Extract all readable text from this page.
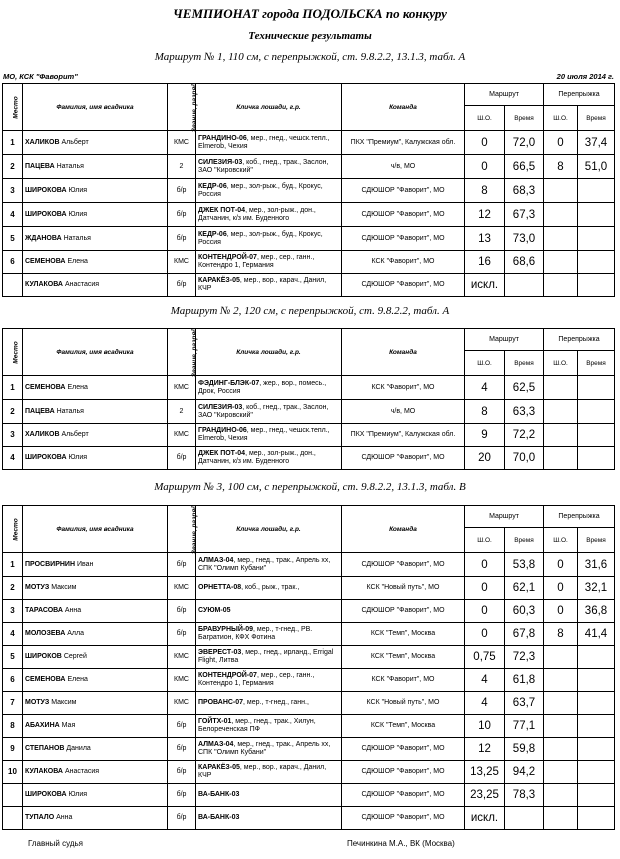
ЧЕМПИОНАТ города ПОДОЛЬСКА по конкуру
Технические результаты
Маршрут № 1, 110 см, с перепрыжкой, ст. 9.8.2.2, 13.1.3, табл. А
МО, КСК "Фаворит"	20 июля 2014 г.
Место	Фамилия, имя всадника	Звание, разряд	Кличка лошади, г.р.	Команда	Маршрут		Перепрыжка	
					Ш.О.	Время	Ш.О.	Время
1	ХАЛИКОВ Альберт	КМС	ГРАНДИНО-06, мер., гнед., чешск.тепл., Elmerob, Чехия	ПКХ "Премиум", Калужская обл.	0	72,0	0	37,4
2	ПАЦЕВА Наталья	2	СИЛЕЗИЯ-03, коб., гнед., трак., Заслон, ЗАО "Кировский"	ч/в, МО	0	66,5	8	51,0
3	ШИРОКОВА Юлия	б/р	КЕДР-06, мер., зол-рыж., буд., Крокус, Россия	СДЮШОР "Фаворит", МО	8	68,3		
4	ШИРОКОВА Юлия	б/р	ДЖЕК ПОТ-04, мер., зол-рыж., дон., Датчанин, к/з им. Буденного	СДЮШОР "Фаворит", МО	12	67,3		
5	ЖДАНОВА Наталья	б/р	КЕДР-06, мер., зол-рыж., буд., Крокус, Россия	СДЮШОР "Фаворит", МО	13	73,0		
6	СЕМЕНОВА Елена	КМС	КОНТЕНДРОЙ-07, мер., сер., ганн., Контендро 1, Германия	КСК "Фаворит", МО	16	68,6		
	КУЛАКОВА Анастасия	б/р	КАРАКЁЗ-05, мер., вор., карач., Данил, КЧР	СДЮШОР "Фаворит", МО	искл.			
Маршрут № 2, 120 см, с перепрыжкой, ст. 9.8.2.2, табл. А
Место	Фамилия, имя всадника	Звание, разряд	Кличка лошади, г.р.	Команда	Маршрут		Перепрыжка	
					Ш.О.	Время	Ш.О.	Время
1	СЕМЕНОВА Елена	КМС	ФЭДИНГ-БЛЭК-07, жер., вор., помесь., Дрок, Россия	КСК "Фаворит", МО	4	62,5		
2	ПАЦЕВА Наталья	2	СИЛЕЗИЯ-03, коб., гнед., трак., Заслон, ЗАО "Кировский"	ч/в, МО	8	63,3		
3	ХАЛИКОВ Альберт	КМС	ГРАНДИНО-06, мер., гнед., чешск.тепл., Elmerob, Чехия	ПКХ "Премиум", Калужская обл.	9	72,2		
4	ШИРОКОВА Юлия	б/р	ДЖЕК ПОТ-04, мер., зол-рыж., дон., Датчанин, к/з им. Буденного	СДЮШОР "Фаворит", МО	20	70,0		
Маршрут № 3, 100 см, с перепрыжкой, ст. 9.8.2.2, 13.1.3, табл. В
Место	Фамилия, имя всадника	Звание, разряд	Кличка лошади, г.р.	Команда	Маршрут		Перепрыжка	
					Ш.О.	Время	Ш.О.	Время
1	ПРОСВИРНИН Иван	б/р	АЛМАЗ-04, мер., гнед., трак., Апрель хх, СПК "Олимп Кубани"	СДЮШОР "Фаворит", МО	0	53,8	0	31,6
2	МОТУЗ Максим	КМС	ОРНЕТТА-08, коб., рыж., трак.,	КСК "Новый путь", МО	0	62,1	0	32,1
3	ТАРАСОВА Анна	б/р	СУЮМ-05	СДЮШОР "Фаворит", МО	0	60,3	0	36,8
4	МОЛОЗЕВА Алла	б/р	БРАВУРНЫЙ-09, мер., т-гнед., РВ. Багратион, КФХ Фотина	КСК "Темп", Москва	0	67,8	8	41,4
5	ШИРОКОВ Сергей	КМС	ЭВЕРЕСТ-03, мер., гнед., ирланд., Errigal Flight, Литва	КСК "Темп", Москва	0,75	72,3		
6	СЕМЕНОВА Елена	КМС	КОНТЕНДРОЙ-07, мер., сер., ганн., Контендро 1, Германия	КСК "Фаворит", МО	4	61,8		
7	МОТУЗ Максим	КМС	ПРОВАНС-07, мер., т-гнед., ганн.,	КСК "Новый путь", МО	4	63,7		
8	АБАХИНА Мая	б/р	ГОЙТХ-01, мер., гнед., трак., Хилун, Белореченская ПФ	КСК "Темп", Москва	10	77,1		
9	СТЕПАНОВ Данила	б/р	АЛМАЗ-04, мер., гнед., трак., Апрель хх, СПК "Олимп Кубани"	СДЮШОР "Фаворит", МО	12	59,8		
10	КУЛАКОВА Анастасия	б/р	КАРАКЁЗ-05, мер., вор., карач., Данил, КЧР	СДЮШОР "Фаворит", МО	13,25	94,2		
	ШИРОКОВА Юлия	б/р	ВА-БАНК-03	СДЮШОР "Фаворит", МО	23,25	78,3		
	ТУПАЛО Анна	б/р	ВА-БАНК-03	СДЮШОР "Фаворит", МО	искл.			
Главный судья	Печинкина М.А., ВК (Москва)
